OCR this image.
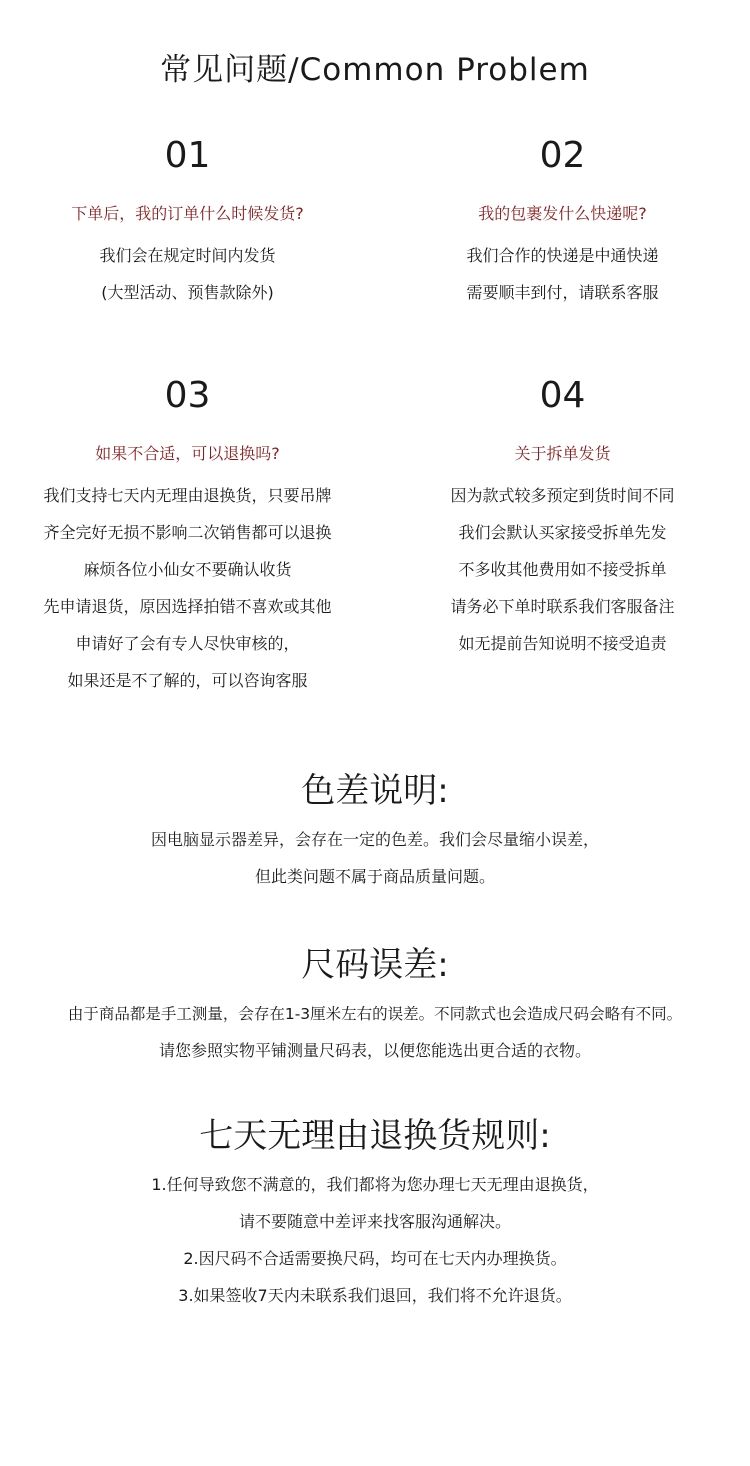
常见问题/Common Problem
01
下单后，我的订单什么时候发货?
我们会在规定时间内发货
(大型活动、预售款除外)
02
我的包裹发什么快递呢?
我们合作的快递是中通快递
需要顺丰到付，请联系客服
03
如果不合适，可以退换吗?
我们支持七天内无理由退换货，只要吊牌
齐全完好无损不影响二次销售都可以退换
麻烦各位小仙女不要确认收货
先申请退货，原因选择拍错不喜欢或其他
申请好了会有专人尽快审核的，
如果还是不了解的，可以咨询客服
04
关于拆单发货
因为款式较多预定到货时间不同
我们会默认买家接受拆单先发
不多收其他费用如不接受拆单
请务必下单时联系我们客服备注
如无提前告知说明不接受追责
色差说明:
因电脑显示器差异，会存在一定的色差。我们会尽量缩小误差，
但此类问题不属于商品质量问题。
尺码误差:
由于商品都是手工测量，会存在1-3厘米左右的误差。不同款式也会造成尺码会略有不同。
请您参照实物平铺测量尺码表，以便您能选出更合适的衣物。
七天无理由退换货规则:
1.任何导致您不满意的，我们都将为您办理七天无理由退换货，
请不要随意中差评来找客服沟通解决。
2.因尺码不合适需要换尺码，均可在七天内办理换货。
3.如果签收7天内未联系我们退回，我们将不允许退货。
